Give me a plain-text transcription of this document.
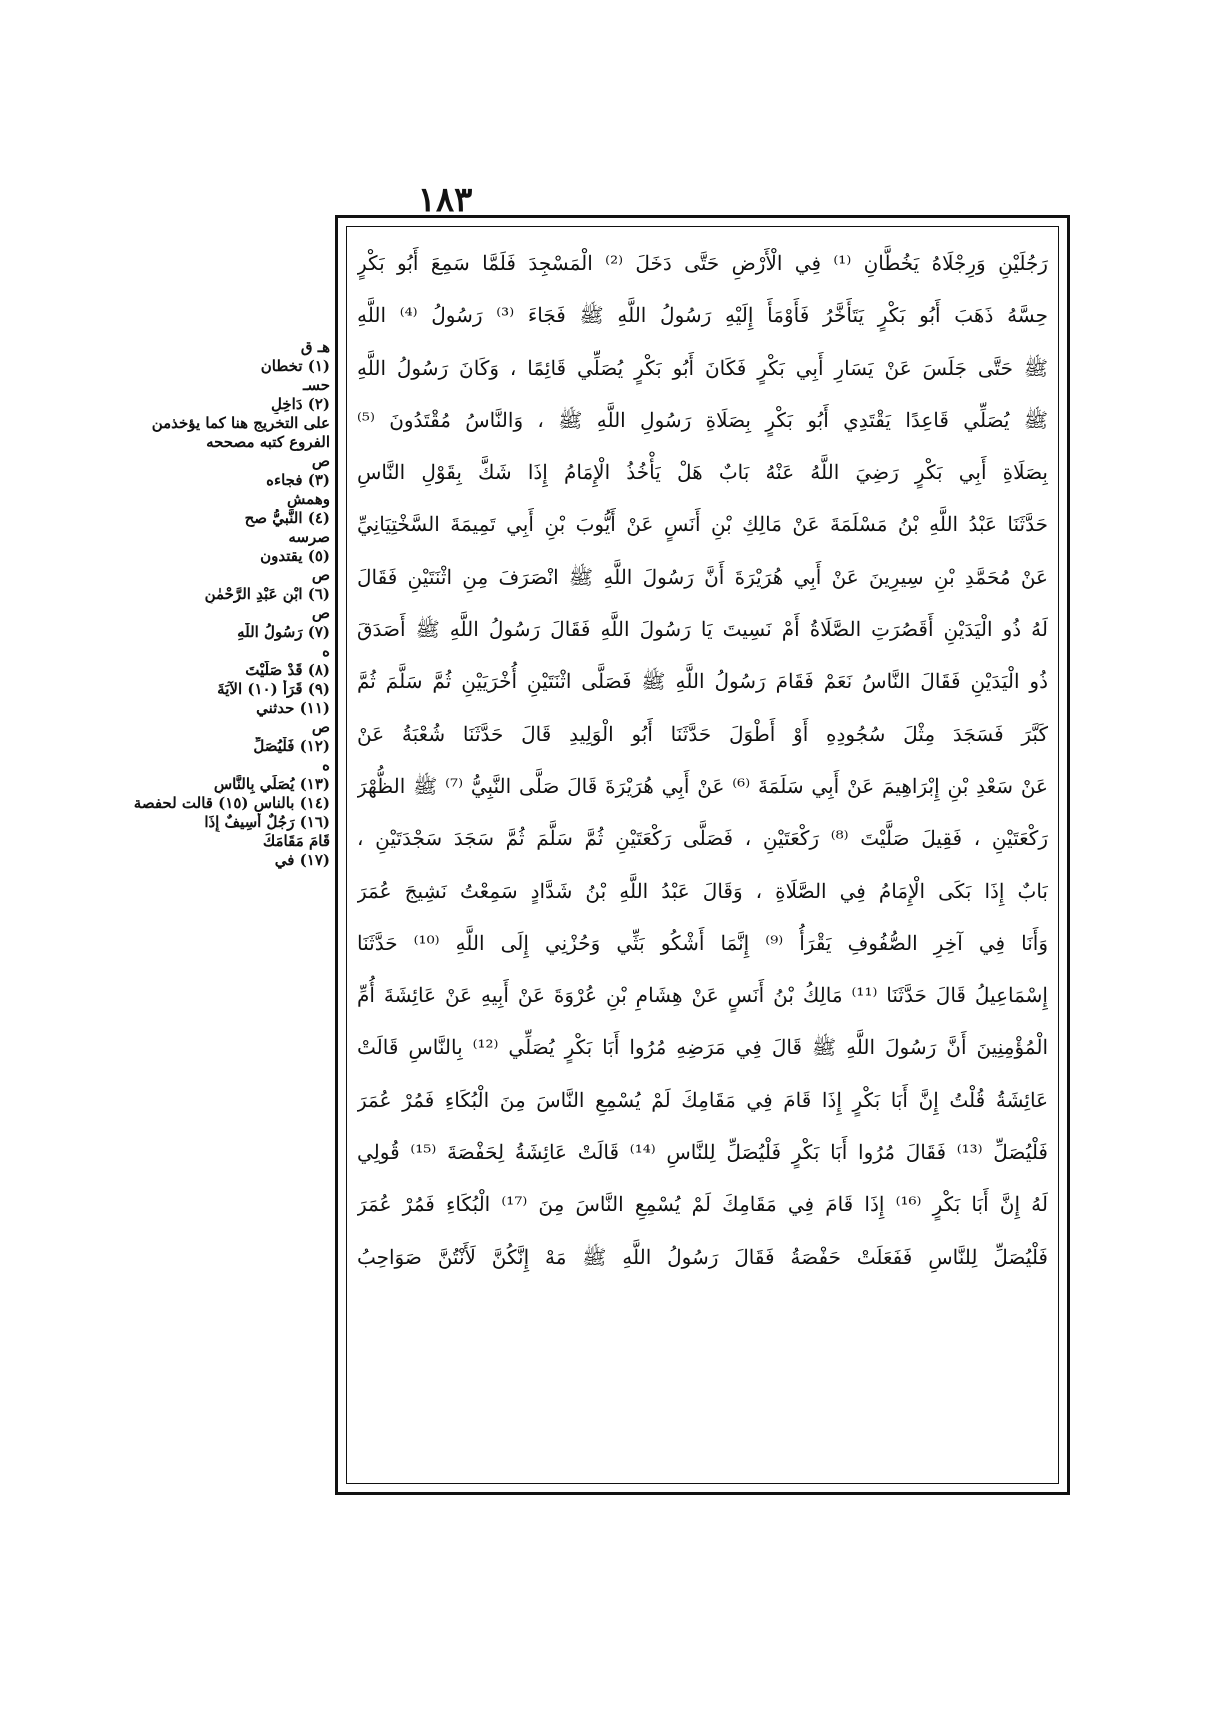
١٨٣
رَجُلَيْنِ وَرِجْلَاهُ يَخُطَّانِ ⁽¹⁾ فِي الْأَرْضِ حَتَّى دَخَلَ ⁽²⁾ الْمَسْجِدَ فَلَمَّا سَمِعَ أَبُو بَكْرٍ
حِسَّهُ ذَهَبَ أَبُو بَكْرٍ يَتَأَخَّرُ فَأَوْمَأَ إِلَيْهِ رَسُولُ اللَّهِ ﷺ فَجَاءَ ⁽³⁾ رَسُولُ ⁽⁴⁾ اللَّهِ
ﷺ حَتَّى جَلَسَ عَنْ يَسَارِ أَبِي بَكْرٍ فَكَانَ أَبُو بَكْرٍ يُصَلِّي قَائِمًا ، وَكَانَ رَسُولُ اللَّهِ
ﷺ يُصَلِّي قَاعِدًا يَقْتَدِي أَبُو بَكْرٍ بِصَلَاةِ رَسُولِ اللَّهِ ﷺ ، وَالنَّاسُ مُقْتَدُونَ ⁽⁵⁾
بِصَلَاةِ أَبِي بَكْرٍ رَضِيَ اللَّهُ عَنْهُ بَابٌ هَلْ يَأْخُذُ الْإِمَامُ إِذَا شَكَّ بِقَوْلِ النَّاسِ
حَدَّثَنَا عَبْدُ اللَّهِ بْنُ مَسْلَمَةَ عَنْ مَالِكِ بْنِ أَنَسٍ عَنْ أَيُّوبَ بْنِ أَبِي تَمِيمَةَ السَّخْتِيَانِيِّ
عَنْ مُحَمَّدِ بْنِ سِيرِينَ عَنْ أَبِي هُرَيْرَةَ أَنَّ رَسُولَ اللَّهِ ﷺ انْصَرَفَ مِنِ اثْنَتَيْنِ فَقَالَ
لَهُ ذُو الْيَدَيْنِ أَقَصُرَتِ الصَّلَاةُ أَمْ نَسِيتَ يَا رَسُولَ اللَّهِ فَقَالَ رَسُولُ اللَّهِ ﷺ أَصَدَقَ
ذُو الْيَدَيْنِ فَقَالَ النَّاسُ نَعَمْ فَقَامَ رَسُولُ اللَّهِ ﷺ فَصَلَّى اثْنَتَيْنِ أُخْرَيَيْنِ ثُمَّ سَلَّمَ ثُمَّ
كَبَّرَ فَسَجَدَ مِثْلَ سُجُودِهِ أَوْ أَطْوَلَ حَدَّثَنَا أَبُو الْوَلِيدِ قَالَ حَدَّثَنَا شُعْبَةُ عَنْ
عَنْ سَعْدِ بْنِ إِبْرَاهِيمَ عَنْ أَبِي سَلَمَةَ ⁽⁶⁾ عَنْ أَبِي هُرَيْرَةَ قَالَ صَلَّى النَّبِيُّ ⁽⁷⁾ ﷺ الظُّهْرَ
رَكْعَتَيْنِ ، فَقِيلَ صَلَّيْتَ ⁽⁸⁾ رَكْعَتَيْنِ ، فَصَلَّى رَكْعَتَيْنِ ثُمَّ سَلَّمَ ثُمَّ سَجَدَ سَجْدَتَيْنِ ،
بَابٌ إِذَا بَكَى الْإِمَامُ فِي الصَّلَاةِ ، وَقَالَ عَبْدُ اللَّهِ بْنُ شَدَّادٍ سَمِعْتُ نَشِيجَ عُمَرَ
وَأَنَا فِي آخِرِ الصُّفُوفِ يَقْرَأُ ⁽⁹⁾ إِنَّمَا أَشْكُو بَثِّي وَحُزْنِي إِلَى اللَّهِ ⁽¹⁰⁾ حَدَّثَنَا
إِسْمَاعِيلُ قَالَ حَدَّثَنَا ⁽¹¹⁾ مَالِكُ بْنُ أَنَسٍ عَنْ هِشَامِ بْنِ عُرْوَةَ عَنْ أَبِيهِ عَنْ عَائِشَةَ أُمِّ
الْمُؤْمِنِينَ أَنَّ رَسُولَ اللَّهِ ﷺ قَالَ فِي مَرَضِهِ مُرُوا أَبَا بَكْرٍ يُصَلِّي ⁽¹²⁾ بِالنَّاسِ قَالَتْ
عَائِشَةُ قُلْتُ إِنَّ أَبَا بَكْرٍ إِذَا قَامَ فِي مَقَامِكَ لَمْ يُسْمِعِ النَّاسَ مِنَ الْبُكَاءِ فَمُرْ عُمَرَ
فَلْيُصَلِّ ⁽¹³⁾ فَقَالَ مُرُوا أَبَا بَكْرٍ فَلْيُصَلِّ لِلنَّاسِ ⁽¹⁴⁾ قَالَتْ عَائِشَةُ لِحَفْصَةَ ⁽¹⁵⁾ قُولِي
لَهُ إِنَّ أَبَا بَكْرٍ ⁽¹⁶⁾ إِذَا قَامَ فِي مَقَامِكَ لَمْ يُسْمِعِ النَّاسَ مِنَ ⁽¹⁷⁾ الْبُكَاءِ فَمُرْ عُمَرَ
فَلْيُصَلِّ لِلنَّاسِ فَفَعَلَتْ حَفْصَةُ فَقَالَ رَسُولُ اللَّهِ ﷺ مَهْ إِنَّكُنَّ لَأَنْتُنَّ صَوَاحِبُ
هـ ق
(١) تخطان
حسـ
(٢) دَاخِلِ
على التخريج هنا كما يؤخذمن
الفروع كتبه مصححه
ص
(٣) فجاءه
وهمش
(٤) النَّبيُّ صح
صرسه
(٥) يقتدون
ص
(٦) ابْنِ عَبْدِ الرَّحْمٰنِ
ص
(٧) رَسُولُ اللّٰهِ
ه
(٨) قَدْ صَلَّيْتَ
(٩) قَرَأَ (١٠) الآيَةَ
(١١) حدثني
ص
(١٢) فَلْيُصَلِّ
ه
(١٣) يُصَلِّي بِالنَّاسِ
(١٤) بالناس (١٥) قالت لحفصة
(١٦) رَجُلٌ أَسِيفٌ إِذَا
قَامَ مَقَامَكَ
(١٧) في
